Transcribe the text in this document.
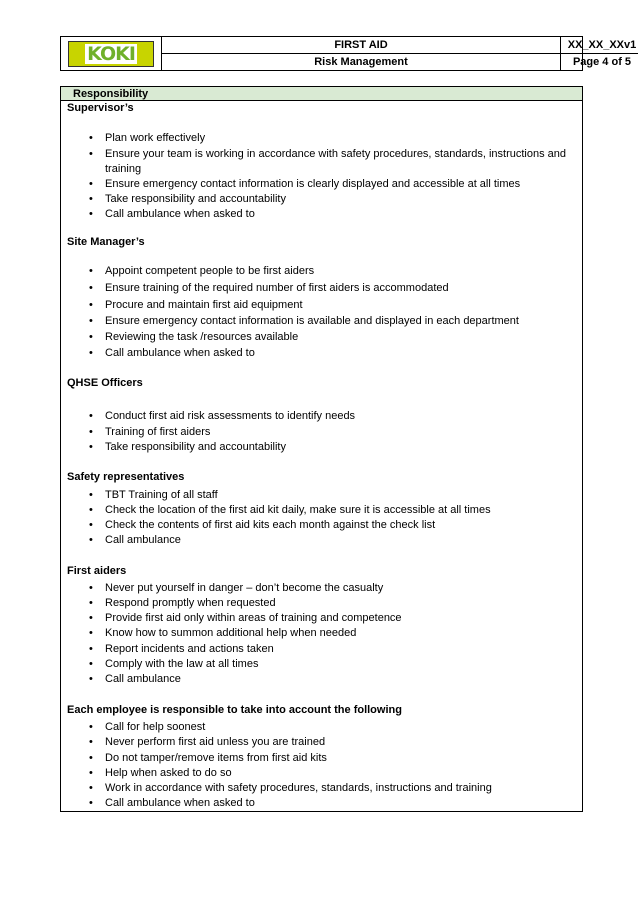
KOKI	FIRST AID
Risk Management
XX_XX_XXv1
Page 4 of 5
Responsibility
Supervisor’s
• Plan work effectively
• Ensure your team is working in accordance with safety procedures, standards, instructions and training
• Ensure emergency contact information is clearly displayed and accessible at all times
• Take responsibility and accountability
• Call ambulance when asked to
Site Manager’s
• Appoint competent people to be first aiders
• Ensure training of the required number of first aiders is accommodated
• Procure and maintain first aid equipment
• Ensure emergency contact information is available and displayed in each department
• Reviewing the task /resources available
• Call ambulance when asked to
QHSE Officers
• Conduct first aid risk assessments to identify needs
• Training of first aiders
• Take responsibility and accountability
Safety representatives
• TBT Training of all staff
• Check the location of the first aid kit daily, make sure it is accessible at all times
• Check the contents of first aid kits each month against the check list
• Call ambulance
First aiders
• Never put yourself in danger – don’t become the casualty
• Respond promptly when requested
• Provide first aid only within areas of training and competence
• Know how to summon additional help when needed
• Report incidents and actions taken
• Comply with the law at all times
• Call ambulance
Each employee is responsible to take into account the following
• Call for help soonest
• Never perform first aid unless you are trained
• Do not tamper/remove items from first aid kits
• Help when asked to do so
• Work in accordance with safety procedures, standards, instructions and training
• Call ambulance when asked to
